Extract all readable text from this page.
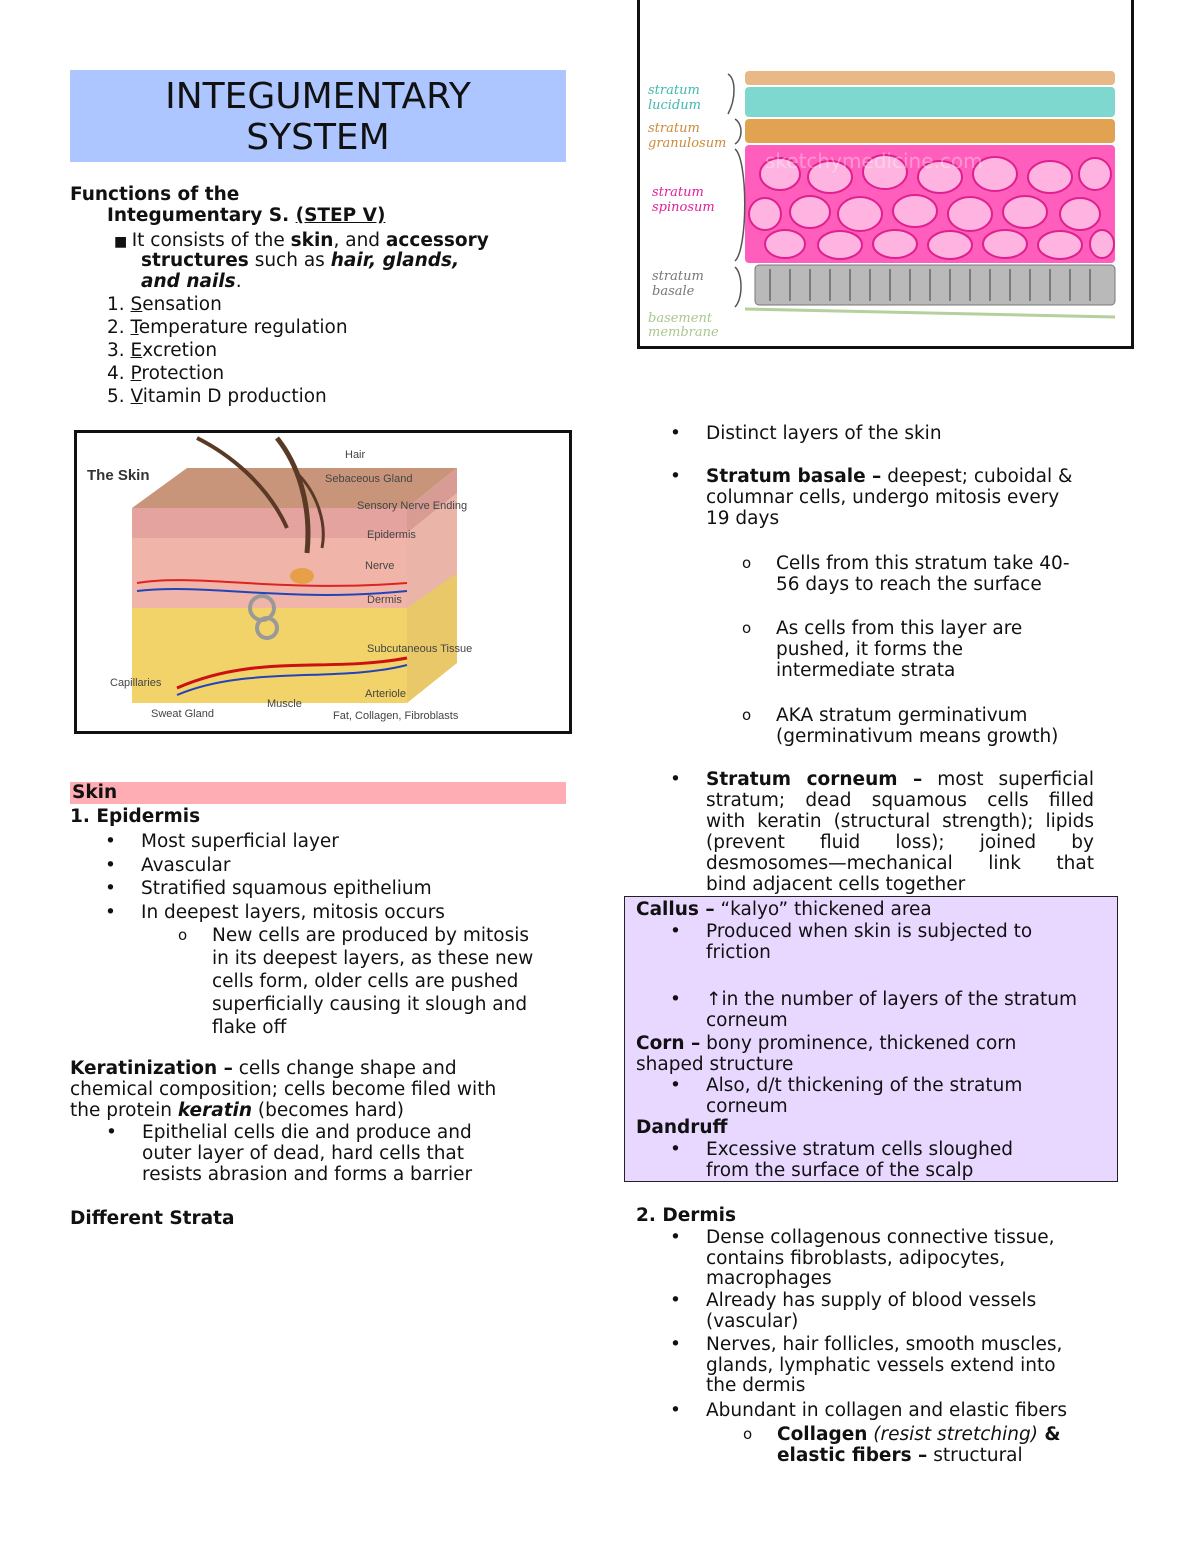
INTEGUMENTARY
SYSTEM
Functions of the
Integumentary S. (STEP V)
■ It consists of the skin, and accessory
structures such as hair, glands,
and nails.
1. Sensation
2. Temperature regulation
3. Excretion
4. Protection
5. Vitamin D production
The Skin
Hair
Sebaceous Gland
Sensory Nerve Ending
Epidermis
Nerve
Dermis
Subcutaneous Tissue
Capillaries
Sweat Gland
Muscle
Arteriole
Fat, Collagen, Fibroblasts
stratum lucidum
stratum granulosum
stratum spinosum
stratum basale
basement membrane
sketchymedicine.com
Skin
1. Epidermis
• Most superficial layer
• Avascular
• Stratified squamous epithelium
• In deepest layers, mitosis occurs
o New cells are produced by mitosis
in its deepest layers, as these new
cells form, older cells are pushed
superficially causing it slough and
flake off
Keratinization – cells change shape and
chemical composition; cells become filed with
the protein keratin (becomes hard)
• Epithelial cells die and produce and
outer layer of dead, hard cells that
resists abrasion and forms a barrier
Different Strata
• Distinct layers of the skin
• Stratum basale – deepest; cuboidal &
columnar cells, undergo mitosis every
19 days
o Cells from this stratum take 40-
56 days to reach the surface
o As cells from this layer are
pushed, it forms the
intermediate strata
o AKA stratum germinativum
(germinativum means growth)
• Stratum corneum – most superficial
stratum; dead squamous cells filled
with keratin (structural strength); lipids
(prevent fluid loss); joined by
desmosomes—mechanical link that
bind adjacent cells together
Callus – “kalyo” thickened area
• Produced when skin is subjected to
friction
• ↑in the number of layers of the stratum
corneum
Corn – bony prominence, thickened corn
shaped structure
• Also, d/t thickening of the stratum
corneum
Dandruff
• Excessive stratum cells sloughed
from the surface of the scalp
2. Dermis
• Dense collagenous connective tissue,
contains fibroblasts, adipocytes,
macrophages
• Already has supply of blood vessels
(vascular)
• Nerves, hair follicles, smooth muscles,
glands, lymphatic vessels extend into
the dermis
• Abundant in collagen and elastic fibers
o Collagen (resist stretching) &
elastic fibers – structural
